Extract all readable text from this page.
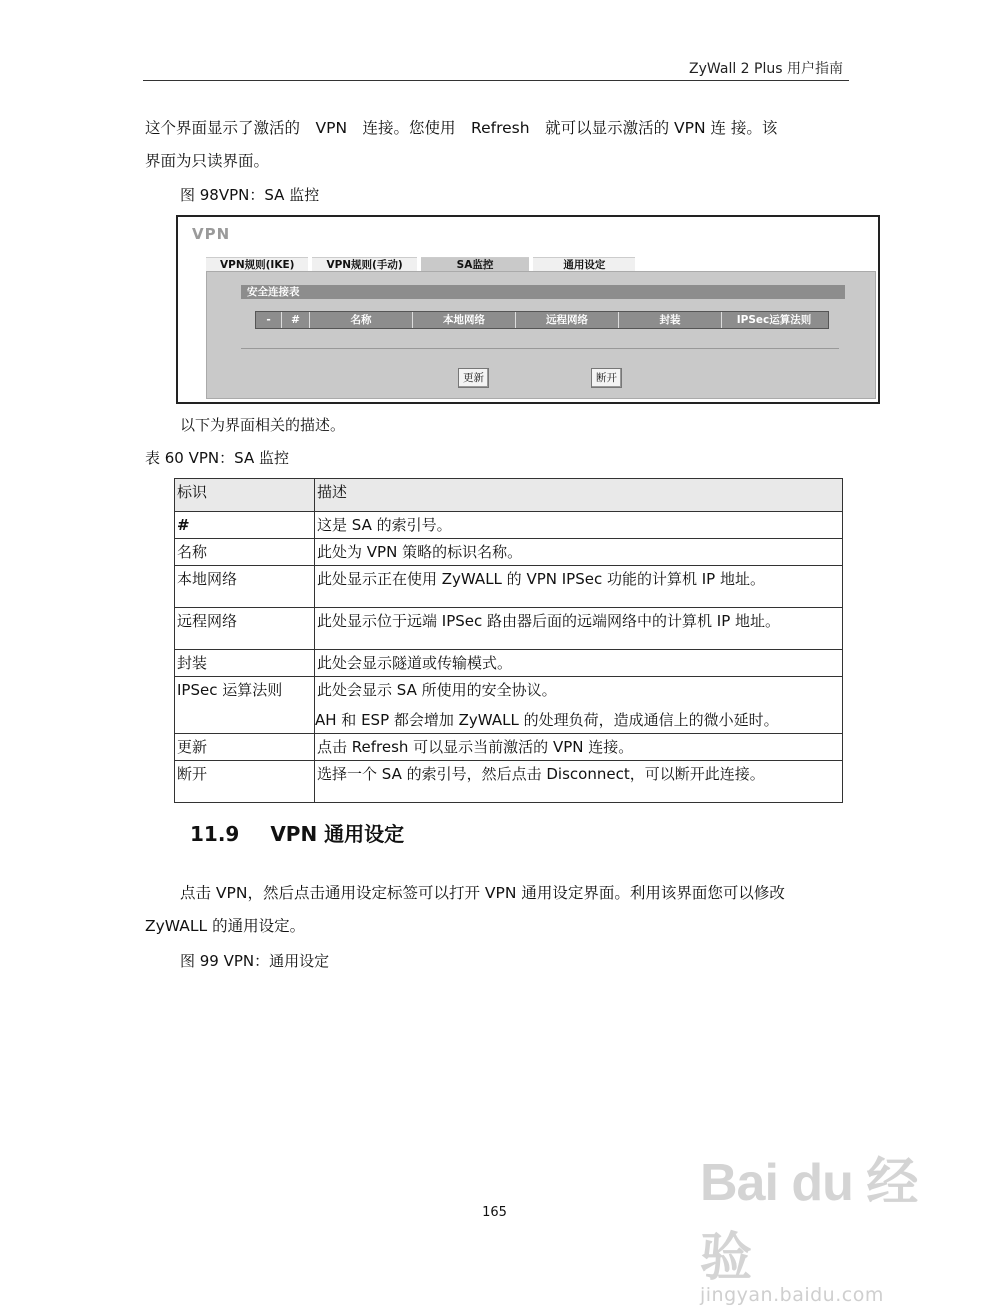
ZyWall 2 Plus 用户指南
这个界面显示了激活的　VPN　连接。您使用　Refresh　就可以显示激活的 VPN 连 接。该
界面为只读界面。
图 98VPN：SA 监控
VPN
VPN规则(IKE)	VPN规则(手动)	SA监控	通用设定
安全连接表
-	#	名称	本地网络	远程网络	封装	IPSec运算法则
更新	断开
以下为界面相关的描述。
表 60 VPN：SA 监控
标识	描述
#	这是 SA 的索引号。
名称	此处为 VPN 策略的标识名称。
本地网络	此处显示正在使用 ZyWALL 的 VPN IPSec 功能的计算机 IP 地址。
远程网络	此处显示位于远端 IPSec 路由器后面的远端网络中的计算机 IP 地址。
封装	此处会显示隧道或传输模式。
IPSec 运算法则	此处会显示 SA 所使用的安全协议。
AH 和 ESP 都会增加 ZyWALL 的处理负荷，造成通信上的微小延时。

更新	点击 Refresh 可以显示当前激活的 VPN 连接。
断开	选择一个 SA 的索引号，然后点击 Disconnect，可以断开此连接。
11.9 VPN 通用设定
点击 VPN，然后点击通用设定标签可以打开 VPN 通用设定界面。利用该界面您可以修改
ZyWALL 的通用设定。
图 99 VPN：通用设定
165
Bai du 经验
jingyan.baidu.com
